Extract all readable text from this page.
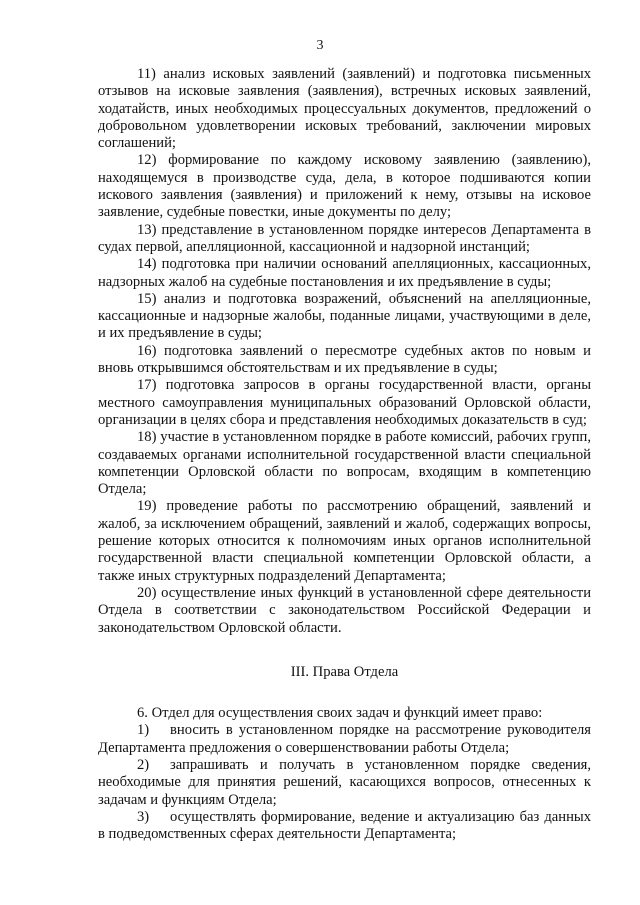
3

11) анализ исковых заявлений (заявлений) и подготовка письменных отзывов на исковые заявления (заявления), встречных исковых заявлений, ходатайств, иных необходимых процессуальных документов, предложений о добровольном удовлетворении исковых требований, заключении мировых соглашений;

12) формирование по каждому исковому заявлению (заявлению), находящемуся в производстве суда, дела, в которое подшиваются копии искового заявления (заявления) и приложений к нему, отзывы на исковое заявление, судебные повестки, иные документы по делу;

13) представление в установленном порядке интересов Департамента в судах первой, апелляционной, кассационной и надзорной инстанций;

14) подготовка при наличии оснований апелляционных, кассационных, надзорных жалоб на судебные постановления и их предъявление в суды;

15) анализ и подготовка возражений, объяснений на апелляционные, кассационные и надзорные жалобы, поданные лицами, участвующими в деле, и их предъявление в суды;

16) подготовка заявлений о пересмотре судебных актов по новым и вновь открывшимся обстоятельствам и их предъявление в суды;

17) подготовка запросов в органы государственной власти, органы местного самоуправления муниципальных образований Орловской области, организации в целях сбора и представления необходимых доказательств в суд;

18) участие в установленном порядке в работе комиссий, рабочих групп, создаваемых органами исполнительной государственной власти специальной компетенции Орловской области по вопросам, входящим в компетенцию Отдела;

19) проведение работы по рассмотрению обращений, заявлений и жалоб, за исключением обращений, заявлений и жалоб, содержащих вопросы, решение которых относится к полномочиям иных органов исполнительной государственной власти специальной компетенции Орловской области, а также иных структурных подразделений Департамента;

20) осуществление иных функций в установленной сфере деятельности Отдела в соответствии с законодательством Российской Федерации и законодательством Орловской области.

III. Права Отдела

6. Отдел для осуществления своих задач и функций имеет право:

1) вносить в установленном порядке на рассмотрение руководителя Департамента предложения о совершенствовании работы Отдела;

2) запрашивать и получать в установленном порядке сведения, необходимые для принятия решений, касающихся вопросов, отнесенных к задачам и функциям Отдела;

3) осуществлять формирование, ведение и актуализацию баз данных в подведомственных сферах деятельности Департамента;
